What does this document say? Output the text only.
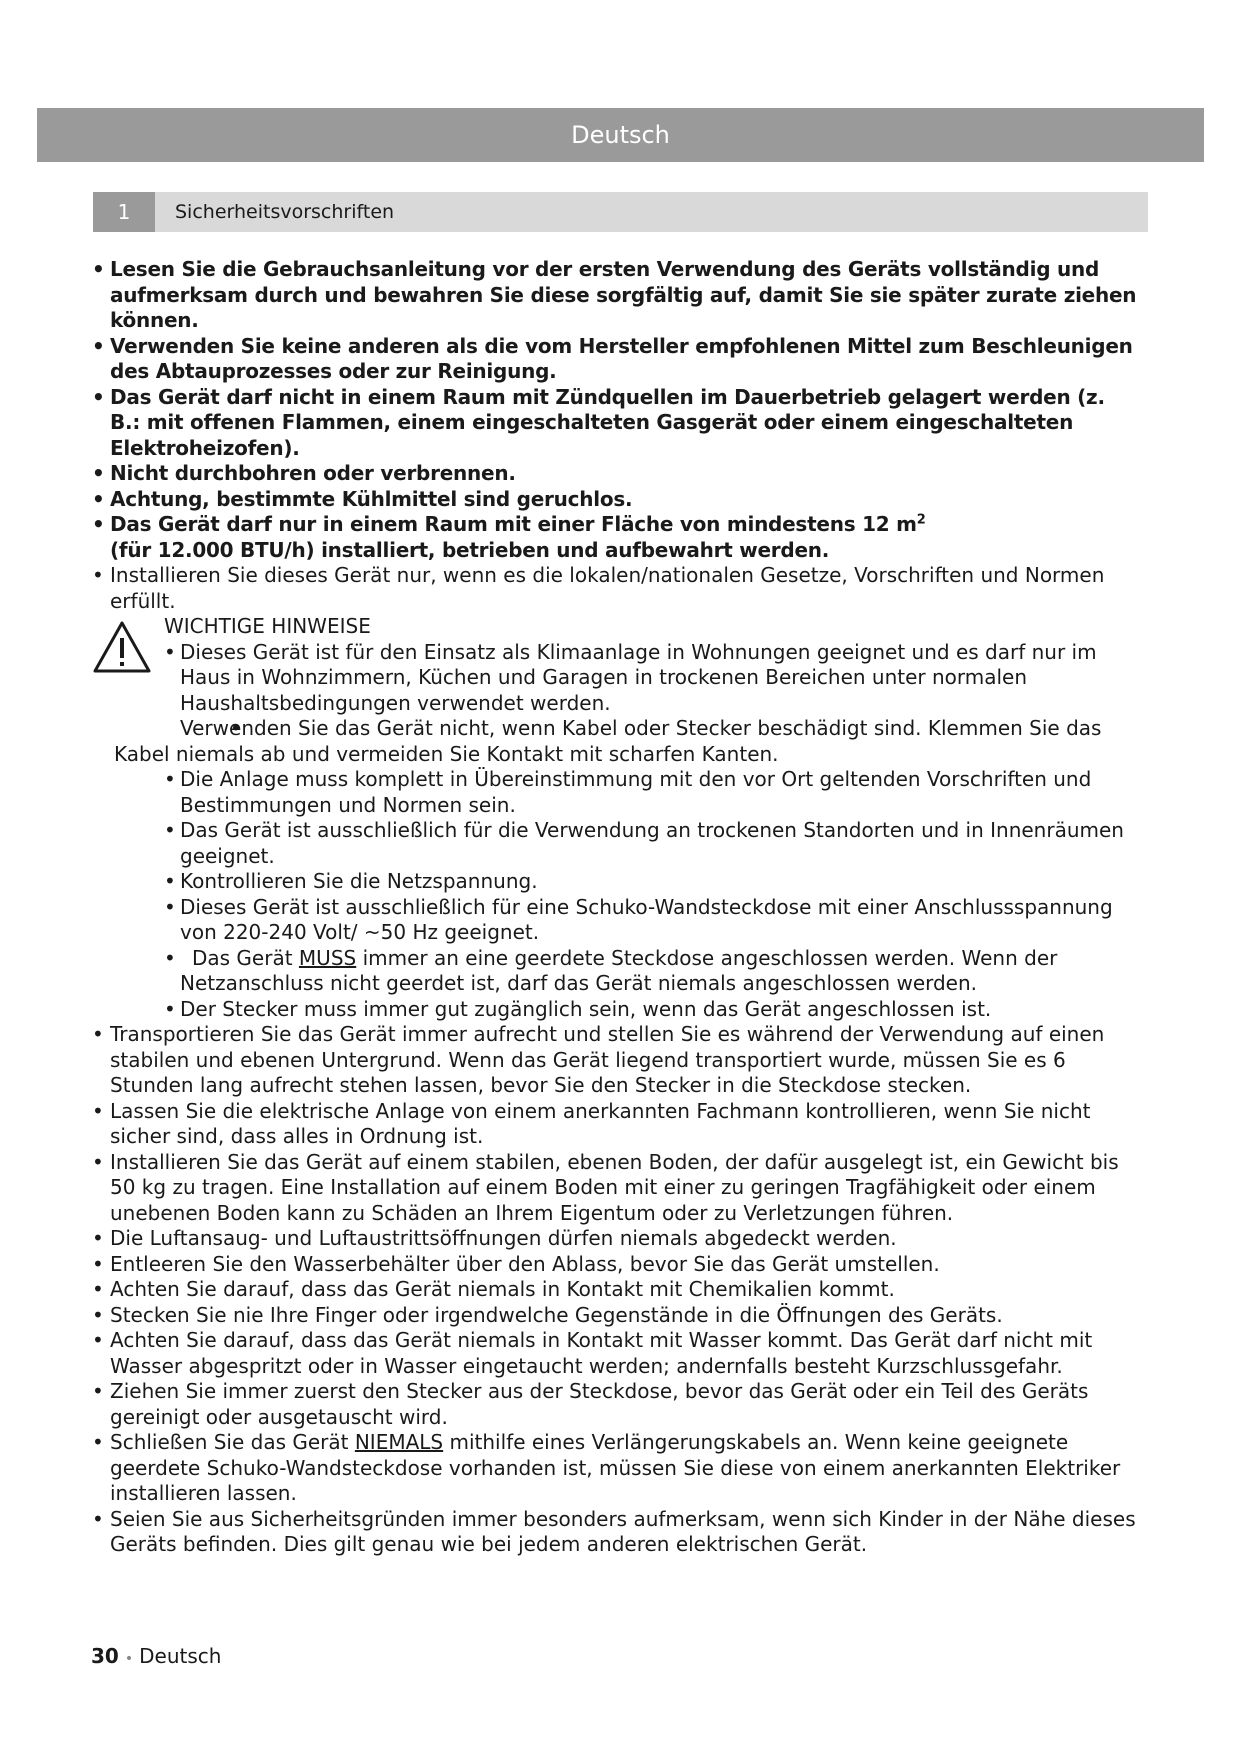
Deutsch
1	Sicherheitsvorschriften

• Lesen Sie die Gebrauchsanleitung vor der ersten Verwendung des Geräts vollständig und aufmerksam durch und bewahren Sie diese sorgfältig auf, damit Sie sie später zurate ziehen können.

• Verwenden Sie keine anderen als die vom Hersteller empfohlenen Mittel zum Beschleunigen des Abtauprozesses oder zur Reinigung.

• Das Gerät darf nicht in einem Raum mit Zündquellen im Dauerbetrieb gelagert werden (z. B.: mit offenen Flammen, einem eingeschalteten Gasgerät oder einem eingeschalteten Elektroheizofen).

• Nicht durchbohren oder verbrennen.

• Achtung, bestimmte Kühlmittel sind geruchlos.

• Das Gerät darf nur in einem Raum mit einer Fläche von mindestens 12 $m^2$
(für 12.000 BTU/h) installiert, betrieben und aufbewahrt werden.

• Installieren Sie dieses Gerät nur, wenn es die lokalen/nationalen Gesetze, Vorschriften und Normen erfüllt.

WICHTIGE HINWEISE

• Dieses Gerät ist für den Einsatz als Klimaanlage in Wohnungen geeignet und es darf nur im Haus in Wohnzimmern, Küchen und Garagen in trockenen Bereichen unter normalen Haushaltsbedingungen verwendet werden.

• Verwenden Sie das Gerät nicht, wenn Kabel oder Stecker beschädigt sind. Klemmen Sie das Kabel niemals ab und vermeiden Sie Kontakt mit scharfen Kanten.

• Die Anlage muss komplett in Übereinstimmung mit den vor Ort geltenden Vorschriften und Bestimmungen und Normen sein.

• Das Gerät ist ausschließlich für die Verwendung an trockenen Standorten und in Innenräumen geeignet.

• Kontrollieren Sie die Netzspannung.

• Dieses Gerät ist ausschließlich für eine Schuko-Wandsteckdose mit einer Anschlussspannung von 220-240 Volt/ ~50 Hz geeignet.

• Das Gerät MUSS immer an eine geerdete Steckdose angeschlossen werden. Wenn der Netzanschluss nicht geerdet ist, darf das Gerät niemals angeschlossen werden.

• Der Stecker muss immer gut zugänglich sein, wenn das Gerät angeschlossen ist.

• Transportieren Sie das Gerät immer aufrecht und stellen Sie es während der Verwendung auf einen stabilen und ebenen Untergrund. Wenn das Gerät liegend transportiert wurde, müssen Sie es 6 Stunden lang aufrecht stehen lassen, bevor Sie den Stecker in die Steckdose stecken.

• Lassen Sie die elektrische Anlage von einem anerkannten Fachmann kontrollieren, wenn Sie nicht sicher sind, dass alles in Ordnung ist.

• Installieren Sie das Gerät auf einem stabilen, ebenen Boden, der dafür ausgelegt ist, ein Gewicht bis 50 kg zu tragen. Eine Installation auf einem Boden mit einer zu geringen Tragfähigkeit oder einem unebenen Boden kann zu Schäden an Ihrem Eigentum oder zu Verletzungen führen.

• Die Luftansaug- und Luftaustrittsöffnungen dürfen niemals abgedeckt werden.

• Entleeren Sie den Wasserbehälter über den Ablass, bevor Sie das Gerät umstellen.

• Achten Sie darauf, dass das Gerät niemals in Kontakt mit Chemikalien kommt.

• Stecken Sie nie Ihre Finger oder irgendwelche Gegenstände in die Öffnungen des Geräts.

• Achten Sie darauf, dass das Gerät niemals in Kontakt mit Wasser kommt. Das Gerät darf nicht mit Wasser abgespritzt oder in Wasser eingetaucht werden; andernfalls besteht Kurzschlussgefahr.

• Ziehen Sie immer zuerst den Stecker aus der Steckdose, bevor das Gerät oder ein Teil des Geräts gereinigt oder ausgetauscht wird.

• Schließen Sie das Gerät NIEMALS mithilfe eines Verlängerungskabels an. Wenn keine geeignete geerdete Schuko-Wandsteckdose vorhanden ist, müssen Sie diese von einem anerkannten Elektriker installieren lassen.

• Seien Sie aus Sicherheitsgründen immer besonders aufmerksam, wenn sich Kinder in der Nähe dieses Geräts befinden. Dies gilt genau wie bei jedem anderen elektrischen Gerät.

30 • Deutsch
